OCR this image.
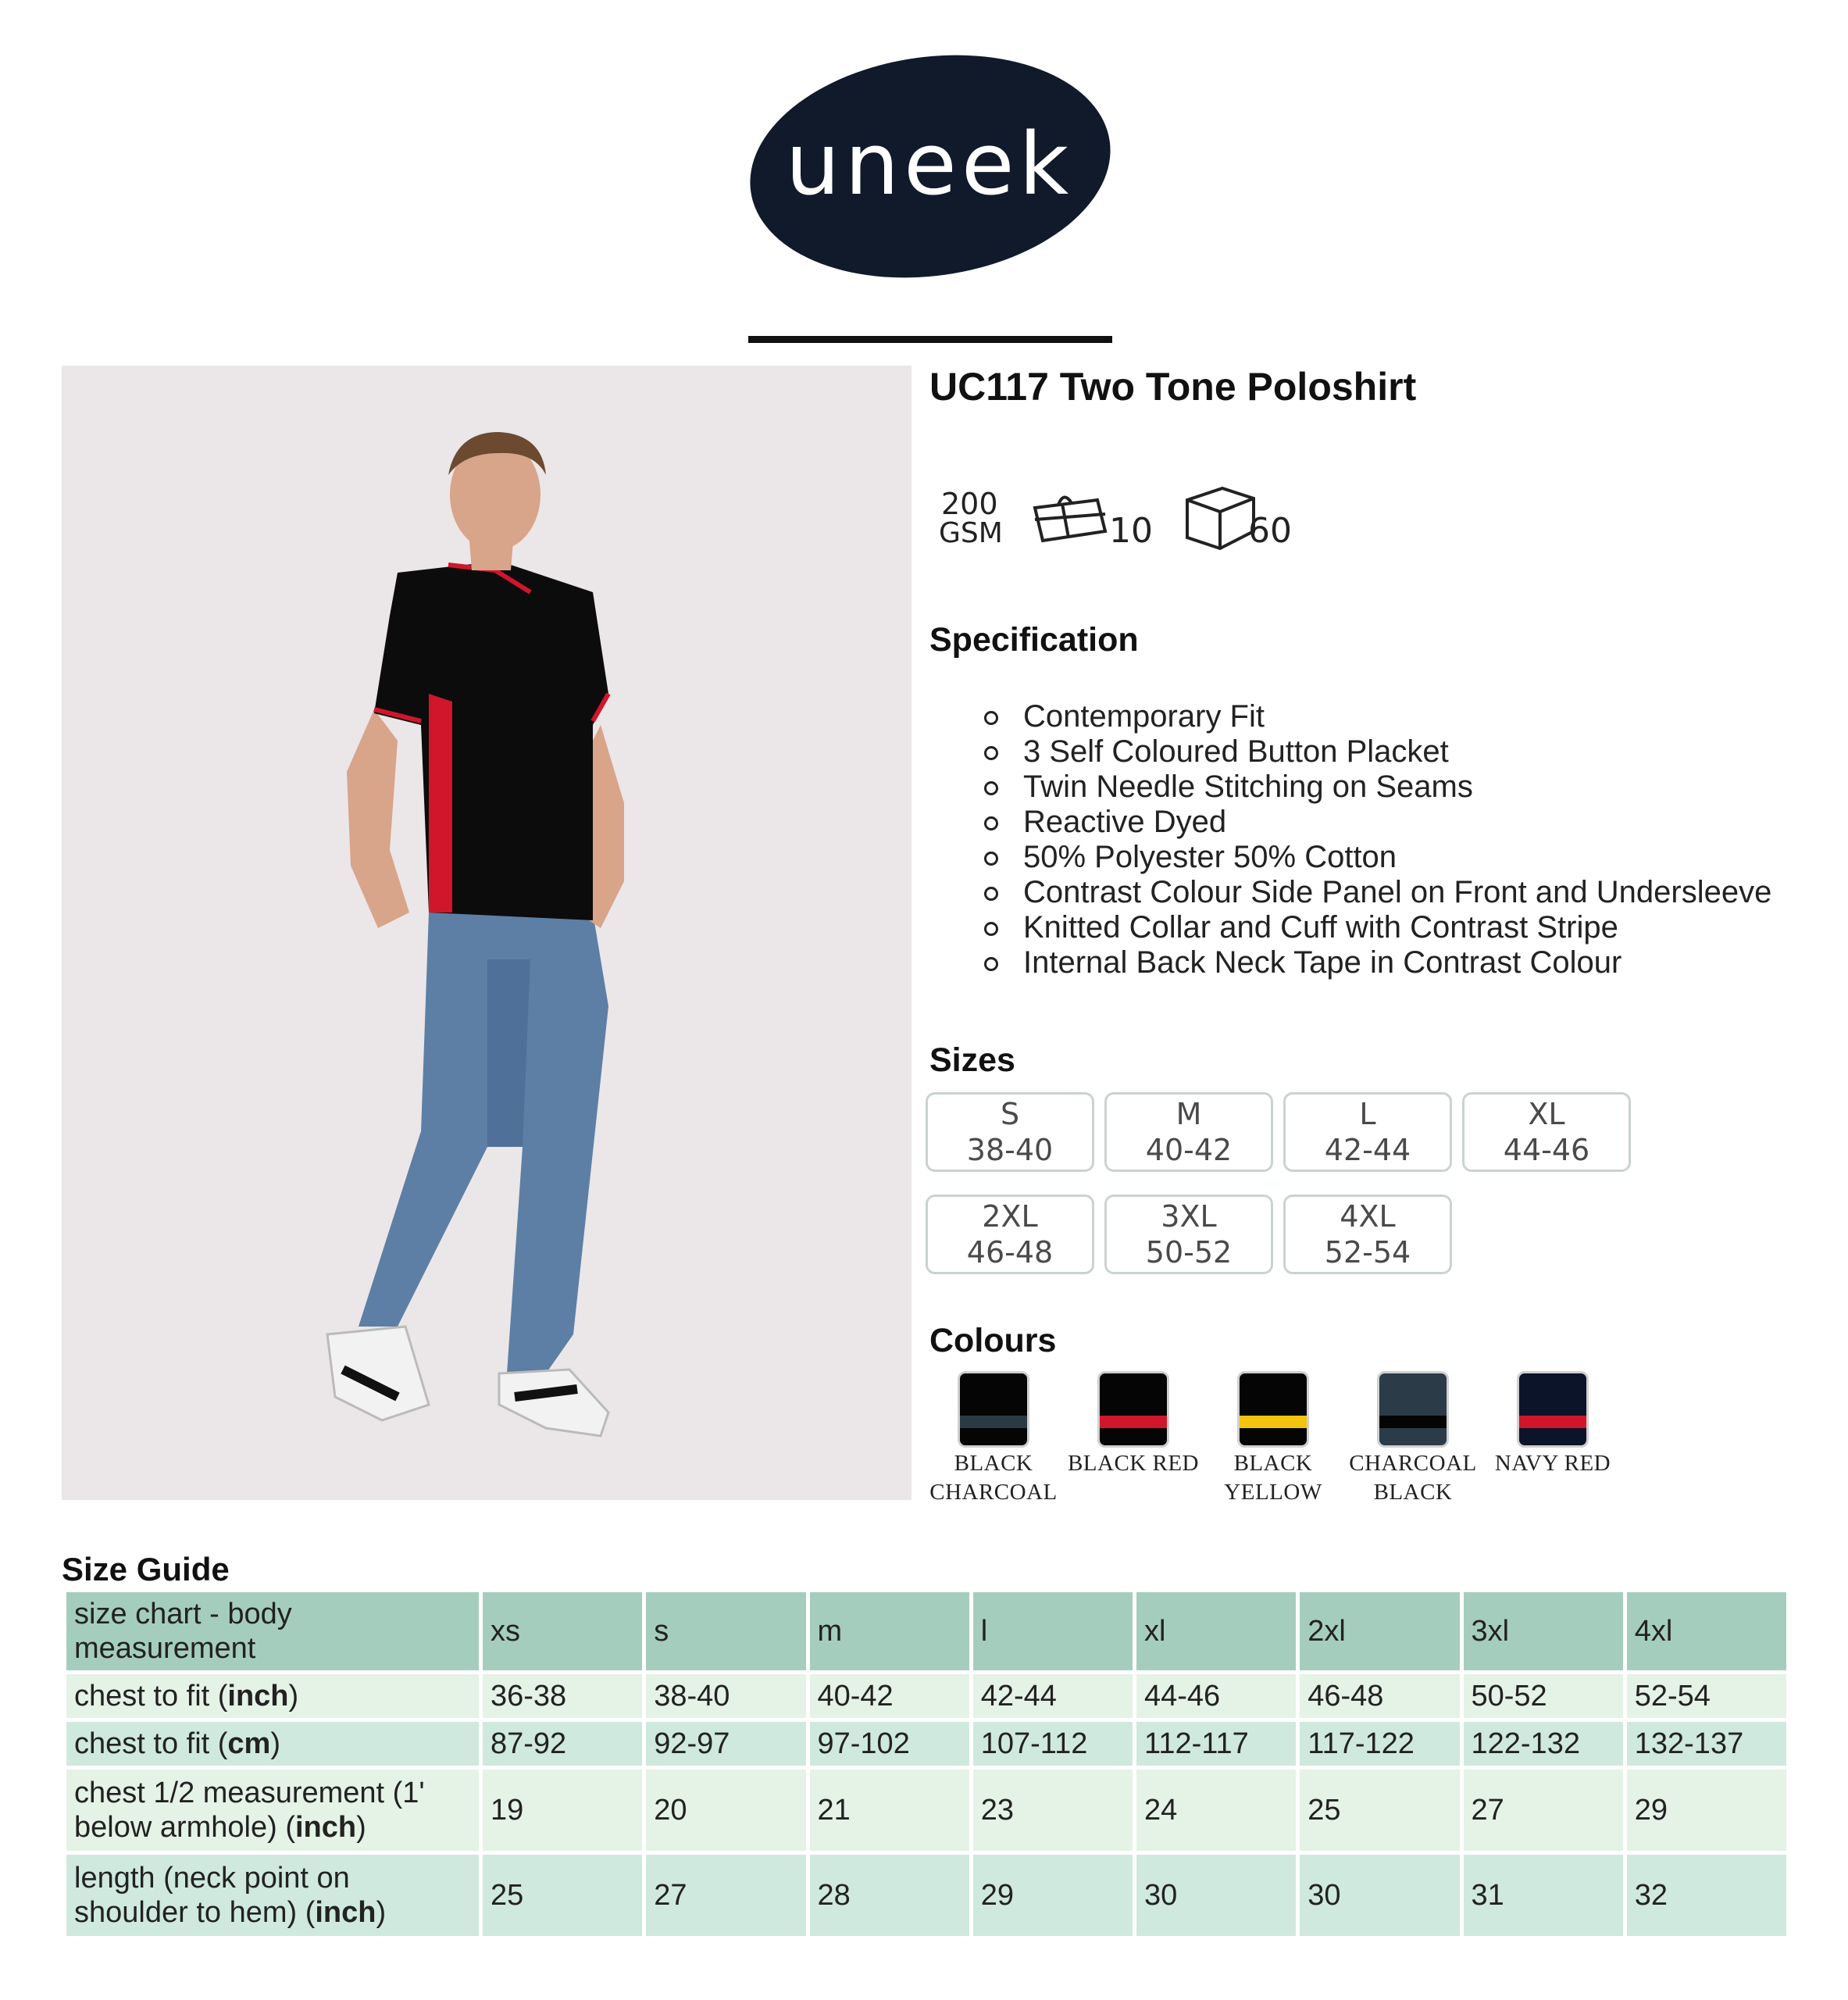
uneek
UC117 Two Tone Poloshirt
200
GSM	10	60
Specification
Contemporary Fit
3 Self Coloured Button Placket
Twin Needle Stitching on Seams
Reactive Dyed
50% Polyester 50% Cotton
Contrast Colour Side Panel on Front and Undersleeve
Knitted Collar and Cuff with Contrast Stripe
Internal Back Neck Tape in Contrast Colour
Sizes
S
38-40
M
40-42
L
42-44
XL
44-46
2XL
46-48
3XL
50-52
4XL
52-54
Colours
BLACK
CHARCOAL
BLACK RED	BLACK
YELLOW
CHARCOAL
BLACK
NAVY RED
Size Guide
size chart - body measurement	xs	s	m	l	xl	2xl	3xl	4xl
chest to fit (inch)	36-38	38-40	40-42	42-44	44-46	46-48	50-52	52-54
chest to fit (cm)	87-92	92-97	97-102	107-112	112-117	117-122	122-132	132-137
chest 1/2 measurement (1' below armhole) (inch)	19	20	21	23	24	25	27	29
length (neck point on shoulder to hem) (inch)	25	27	28	29	30	30	31	32
